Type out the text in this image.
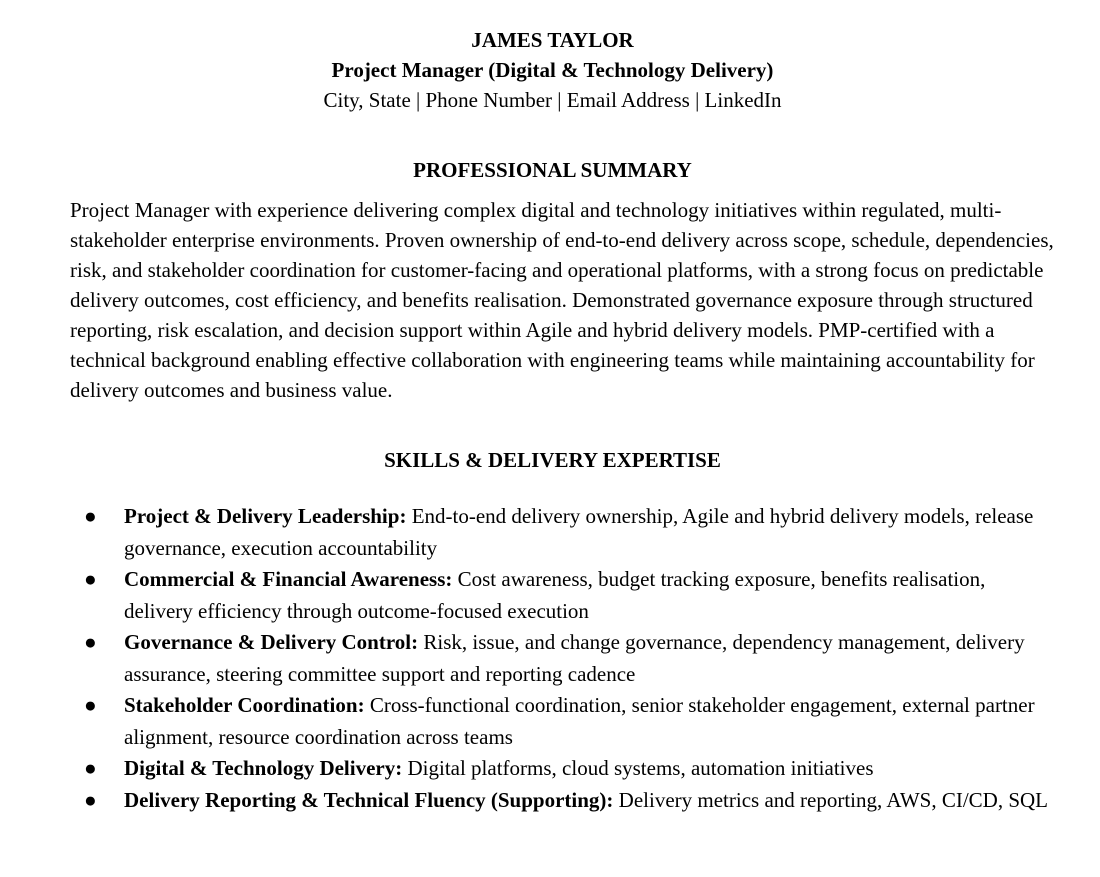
JAMES TAYLOR
Project Manager (Digital & Technology Delivery)
City, State | Phone Number | Email Address | LinkedIn
PROFESSIONAL SUMMARY

Project Manager with experience delivering complex digital and technology initiatives within regulated, multi-stakeholder enterprise environments. Proven ownership of end-to-end delivery across scope, schedule, dependencies, risk, and stakeholder coordination for customer-facing and operational platforms, with a strong focus on predictable delivery outcomes, cost efficiency, and benefits realisation. Demonstrated governance exposure through structured reporting, risk escalation, and decision support within Agile and hybrid delivery models. PMP-certified with a technical background enabling effective collaboration with engineering teams while maintaining accountability for delivery outcomes and business value.

SKILLS & DELIVERY EXPERTISE
● Project & Delivery Leadership: End-to-end delivery ownership, Agile and hybrid delivery models, release governance, execution accountability
● Commercial & Financial Awareness: Cost awareness, budget tracking exposure, benefits realisation, delivery efficiency through outcome-focused execution
● Governance & Delivery Control: Risk, issue, and change governance, dependency management, delivery assurance, steering committee support and reporting cadence
● Stakeholder Coordination: Cross-functional coordination, senior stakeholder engagement, external partner alignment, resource coordination across teams
● Digital & Technology Delivery: Digital platforms, cloud systems, automation initiatives
● Delivery Reporting & Technical Fluency (Supporting): Delivery metrics and reporting, AWS, CI/CD, SQL
